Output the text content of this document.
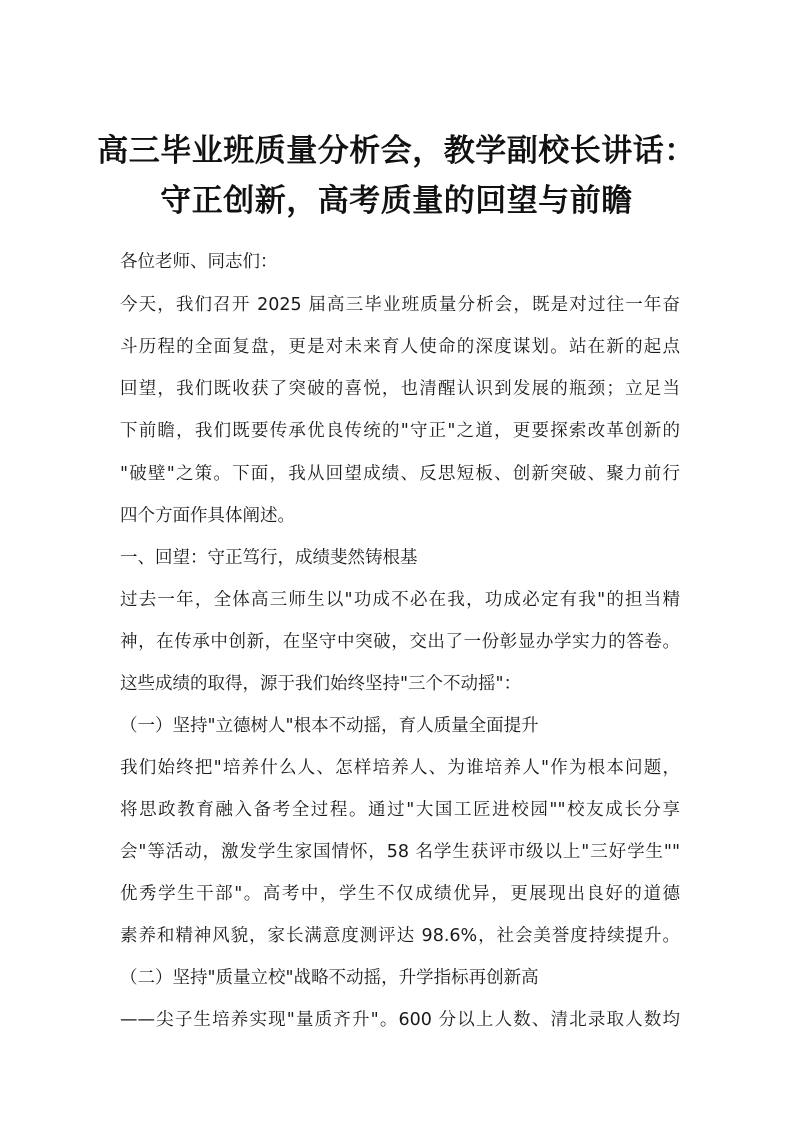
高三毕业班质量分析会，教学副校长讲话：
守正创新，高考质量的回望与前瞻
各位老师、同志们：
今天，我们召开 2025 届高三毕业班质量分析会，既是对过往一年奋
斗历程的全面复盘，更是对未来育人使命的深度谋划。站在新的起点
回望，我们既收获了突破的喜悦，也清醒认识到发展的瓶颈；立足当
下前瞻，我们既要传承优良传统的"守正"之道，更要探索改革创新的
"破壁"之策。下面，我从回望成绩、反思短板、创新突破、聚力前行
四个方面作具体阐述。
一、回望：守正笃行，成绩斐然铸根基
过去一年，全体高三师生以"功成不必在我，功成必定有我"的担当精
神，在传承中创新，在坚守中突破，交出了一份彰显办学实力的答卷。
这些成绩的取得，源于我们始终坚持"三个不动摇"：
（一）坚持"立德树人"根本不动摇，育人质量全面提升
我们始终把"培养什么人、怎样培养人、为谁培养人"作为根本问题，
将思政教育融入备考全过程。通过"大国工匠进校园""校友成长分享
会"等活动，激发学生家国情怀，58 名学生获评市级以上"三好学生""
优秀学生干部"。高考中，学生不仅成绩优异，更展现出良好的道德
素养和精神风貌，家长满意度测评达 98.6%，社会美誉度持续提升。
（二）坚持"质量立校"战略不动摇，升学指标再创新高
——尖子生培养实现"量质齐升"。600 分以上人数、清北录取人数均
